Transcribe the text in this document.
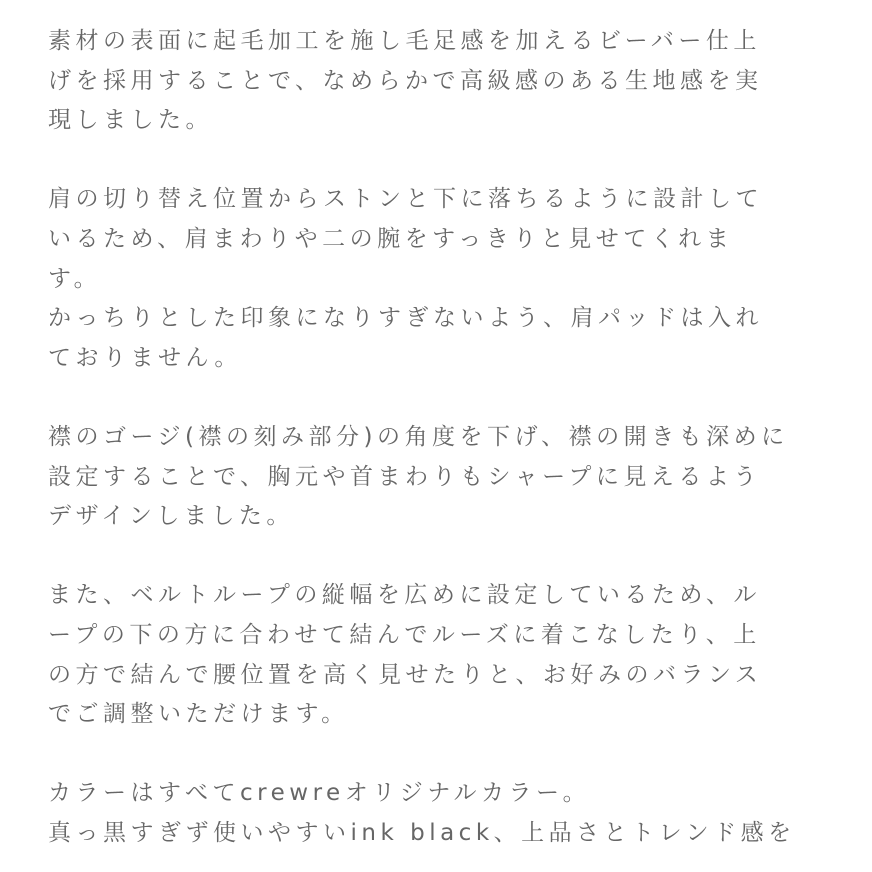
素材の表面に起毛加工を施し毛足感を加えるビーバー仕上
げを採用することで、なめらかで高級感のある生地感を実
現しました。
肩の切り替え位置からストンと下に落ちるように設計して
いるため、肩まわりや二の腕をすっきりと見せてくれま
す。
かっちりとした印象になりすぎないよう、肩パッドは入れ
ておりません。
襟のゴージ(襟の刻み部分)の角度を下げ、襟の開きも深めに
設定することで、胸元や首まわりもシャープに見えるよう
デザインしました。
また、ベルトループの縦幅を広めに設定しているため、ル
ープの下の方に合わせて結んでルーズに着こなしたり、上
の方で結んで腰位置を高く見せたりと、お好みのバランス
でご調整いただけます。
カラーはすべてcrewreオリジナルカラー。
真っ黒すぎず使いやすいink black、上品さとトレンド感を
